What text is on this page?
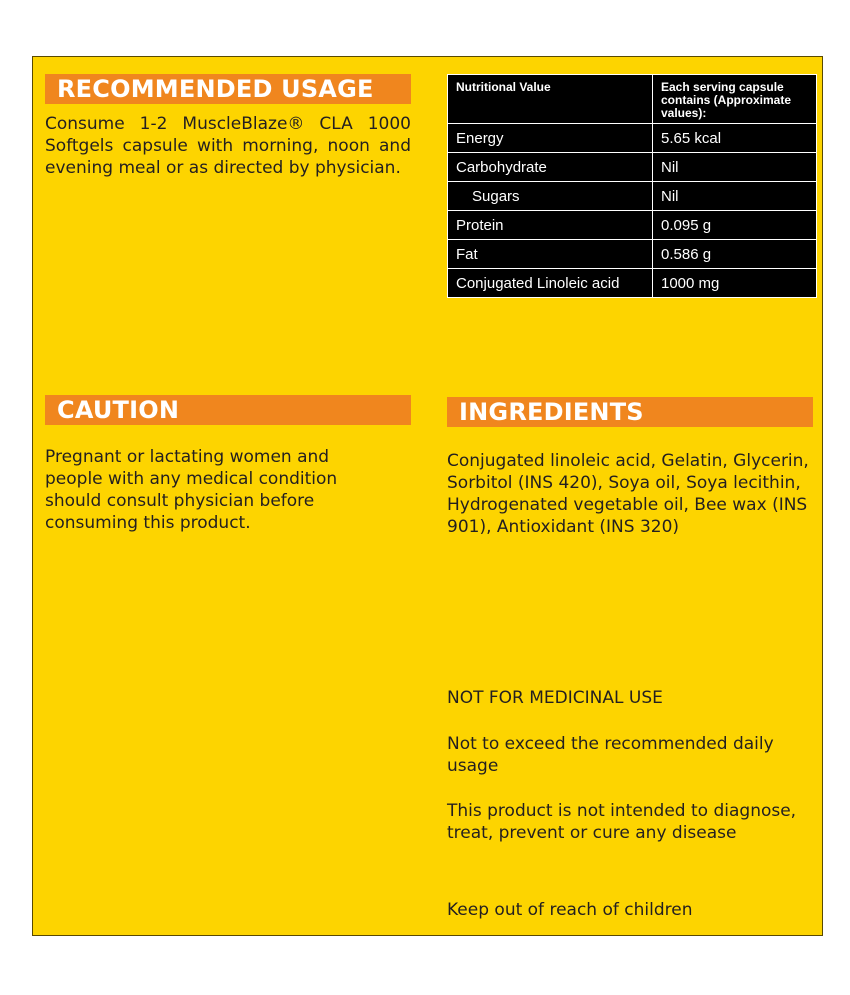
RECOMMENDED USAGE

Consume 1-2 MuscleBlaze® CLA 1000 Softgels capsule with morning, noon and evening meal or as directed by physician.

Nutritional Value	Each serving capsule contains (Approximate values):
Energy	5.65 kcal
Carbohydrate	Nil
Sugars	Nil
Protein	0.095 g
Fat	0.586 g
Conjugated Linoleic acid	1000 mg
CAUTION

Pregnant or lactating women and people with any medical condition should consult physician before consuming this product.

INGREDIENTS

Conjugated linoleic acid, Gelatin, Glycerin, Sorbitol (INS 420), Soya oil, Soya lecithin, Hydrogenated vegetable oil, Bee wax (INS 901), Antioxidant (INS 320)

NOT FOR MEDICINAL USE

Not to exceed the recommended daily usage

This product is not intended to diagnose, treat, prevent or cure any disease

Keep out of reach of children
